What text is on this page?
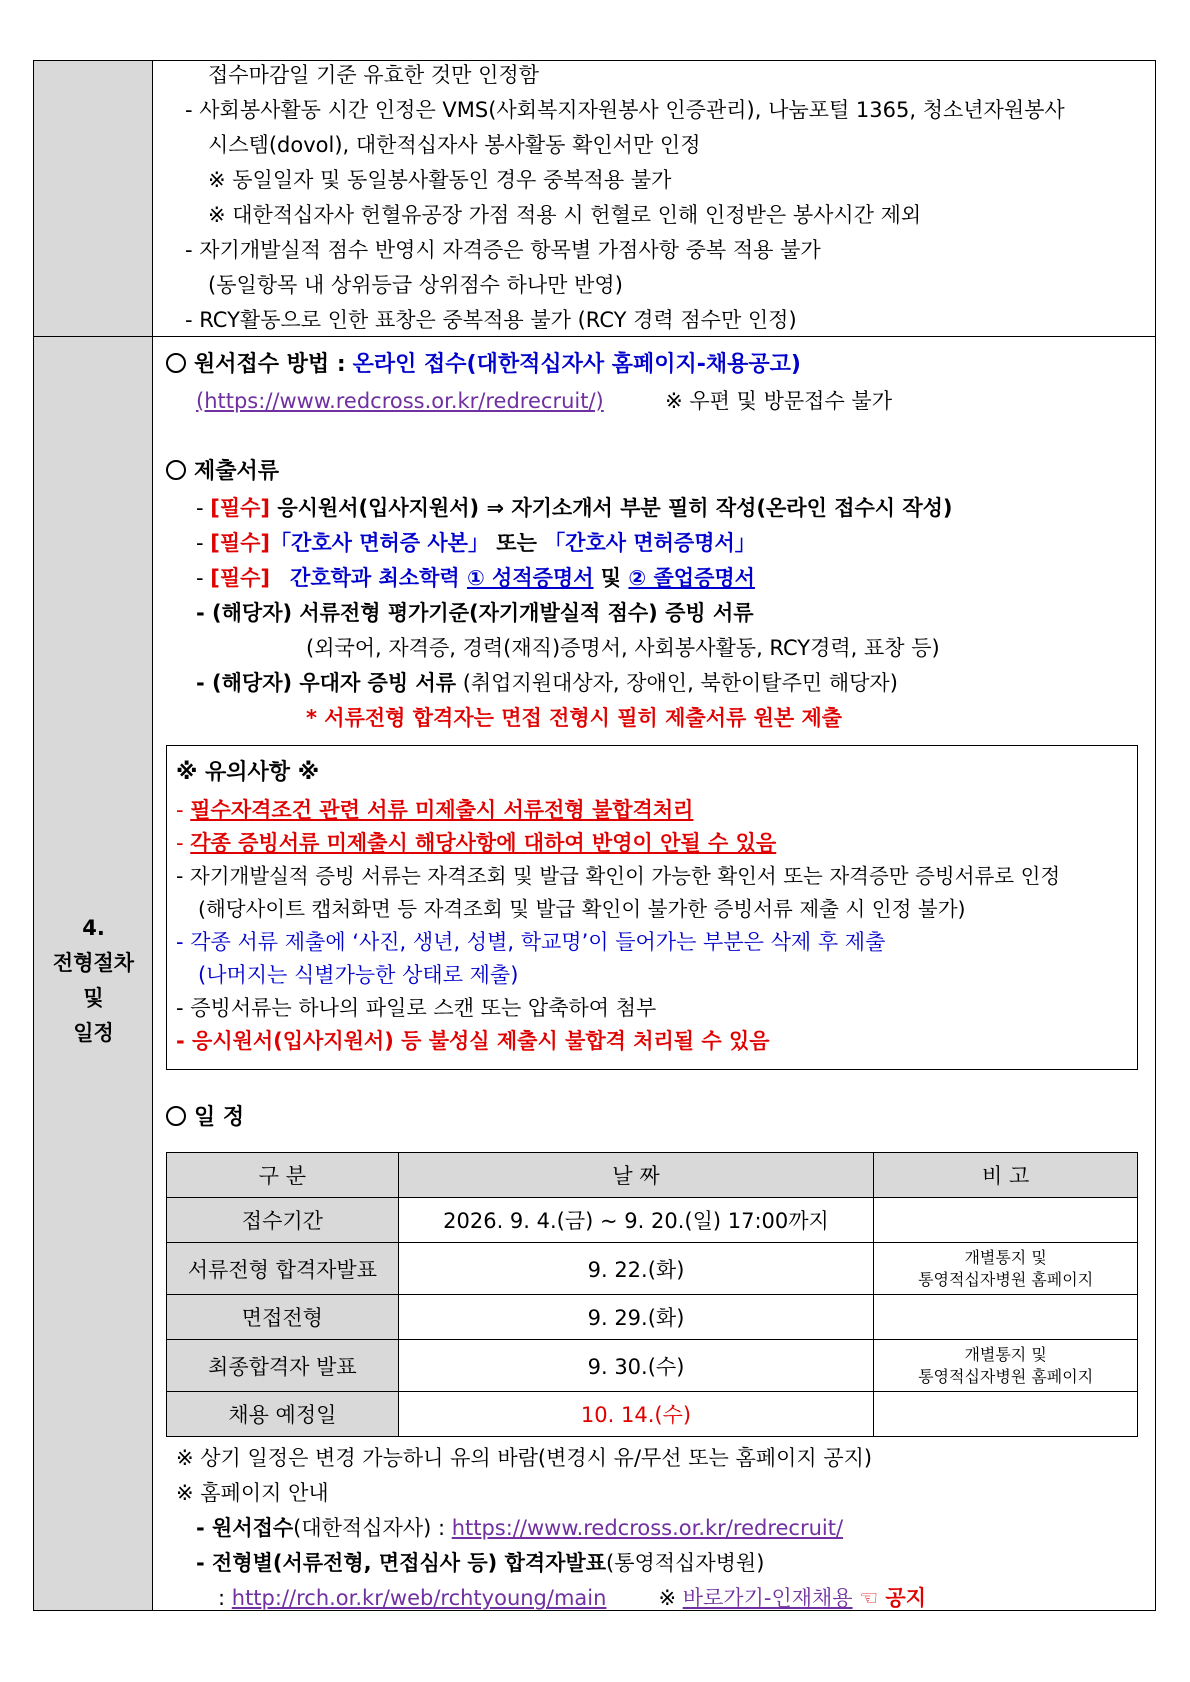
4.
전형절차
및
일정
접수마감일 기준 유효한 것만 인정함
- 사회봉사활동 시간 인정은 VMS(사회복지자원봉사 인증관리), 나눔포털 1365, 청소년자원봉사
시스템(dovol), 대한적십자사 봉사활동 확인서만 인정
※ 동일일자 및 동일봉사활동인 경우 중복적용 불가
※ 대한적십자사 헌혈유공장 가점 적용 시 헌혈로 인해 인정받은 봉사시간 제외
- 자기개발실적 점수 반영시 자격증은 항목별 가점사항 중복 적용 불가
(동일항목 내 상위등급 상위점수 하나만 반영)
- RCY활동으로 인한 표창은 중복적용 불가 (RCY 경력 점수만 인정)
원서접수 방법 : 온라인 접수(대한적십자사 홈페이지-채용공고)
(https://www.redcross.or.kr/redrecruit/)	※ 우편 및 방문접수 불가
제출서류
- [필수] 응시원서(입사지원서) ⇒ 자기소개서 부분 필히 작성(온라인 접수시 작성)
- [필수]「간호사 면허증 사본」 또는 「간호사 면허증명서」
- [필수] 간호학과 최소학력 ① 성적증명서 및 ② 졸업증명서
- (해당자) 서류전형 평가기준(자기개발실적 점수) 증빙 서류
(외국어, 자격증, 경력(재직)증명서, 사회봉사활동, RCY경력, 표창 등)
- (해당자) 우대자 증빙 서류 (취업지원대상자, 장애인, 북한이탈주민 해당자)
* 서류전형 합격자는 면접 전형시 필히 제출서류 원본 제출
※ 유의사항 ※
- 필수자격조건 관련 서류 미제출시 서류전형 불합격처리
- 각종 증빙서류 미제출시 해당사항에 대하여 반영이 안될 수 있음
- 자기개발실적 증빙 서류는 자격조회 및 발급 확인이 가능한 확인서 또는 자격증만 증빙서류로 인정
(해당사이트 캡처화면 등 자격조회 및 발급 확인이 불가한 증빙서류 제출 시 인정 불가)
- 각종 서류 제출에 ‘사진, 생년, 성별, 학교명’이 들어가는 부분은 삭제 후 제출
(나머지는 식별가능한 상태로 제출)
- 증빙서류는 하나의 파일로 스캔 또는 압축하여 첨부
- 응시원서(입사지원서) 등 불성실 제출시 불합격 처리될 수 있음
일 정
구 분	날 짜	비 고
접수기간	2026. 9. 4.(금) ~ 9. 20.(일) 17:00까지	

서류전형 합격자발표	9. 22.(화)	개별통지 및
통영적십자병원 홈페이지

면접전형	9. 29.(화)	

최종합격자 발표	9. 30.(수)	개별통지 및
통영적십자병원 홈페이지

채용 예정일	10. 14.(수)	
※ 상기 일정은 변경 가능하니 유의 바람(변경시 유/무선 또는 홈페이지 공지)
※ 홈페이지 안내
- 원서접수(대한적십자사) : https://www.redcross.or.kr/redrecruit/
- 전형별(서류전형, 면접심사 등) 합격자발표(통영적십자병원)
: http://rch.or.kr/web/rchtyoung/main ※ 바로가기-인재채용 ☜ 공지
